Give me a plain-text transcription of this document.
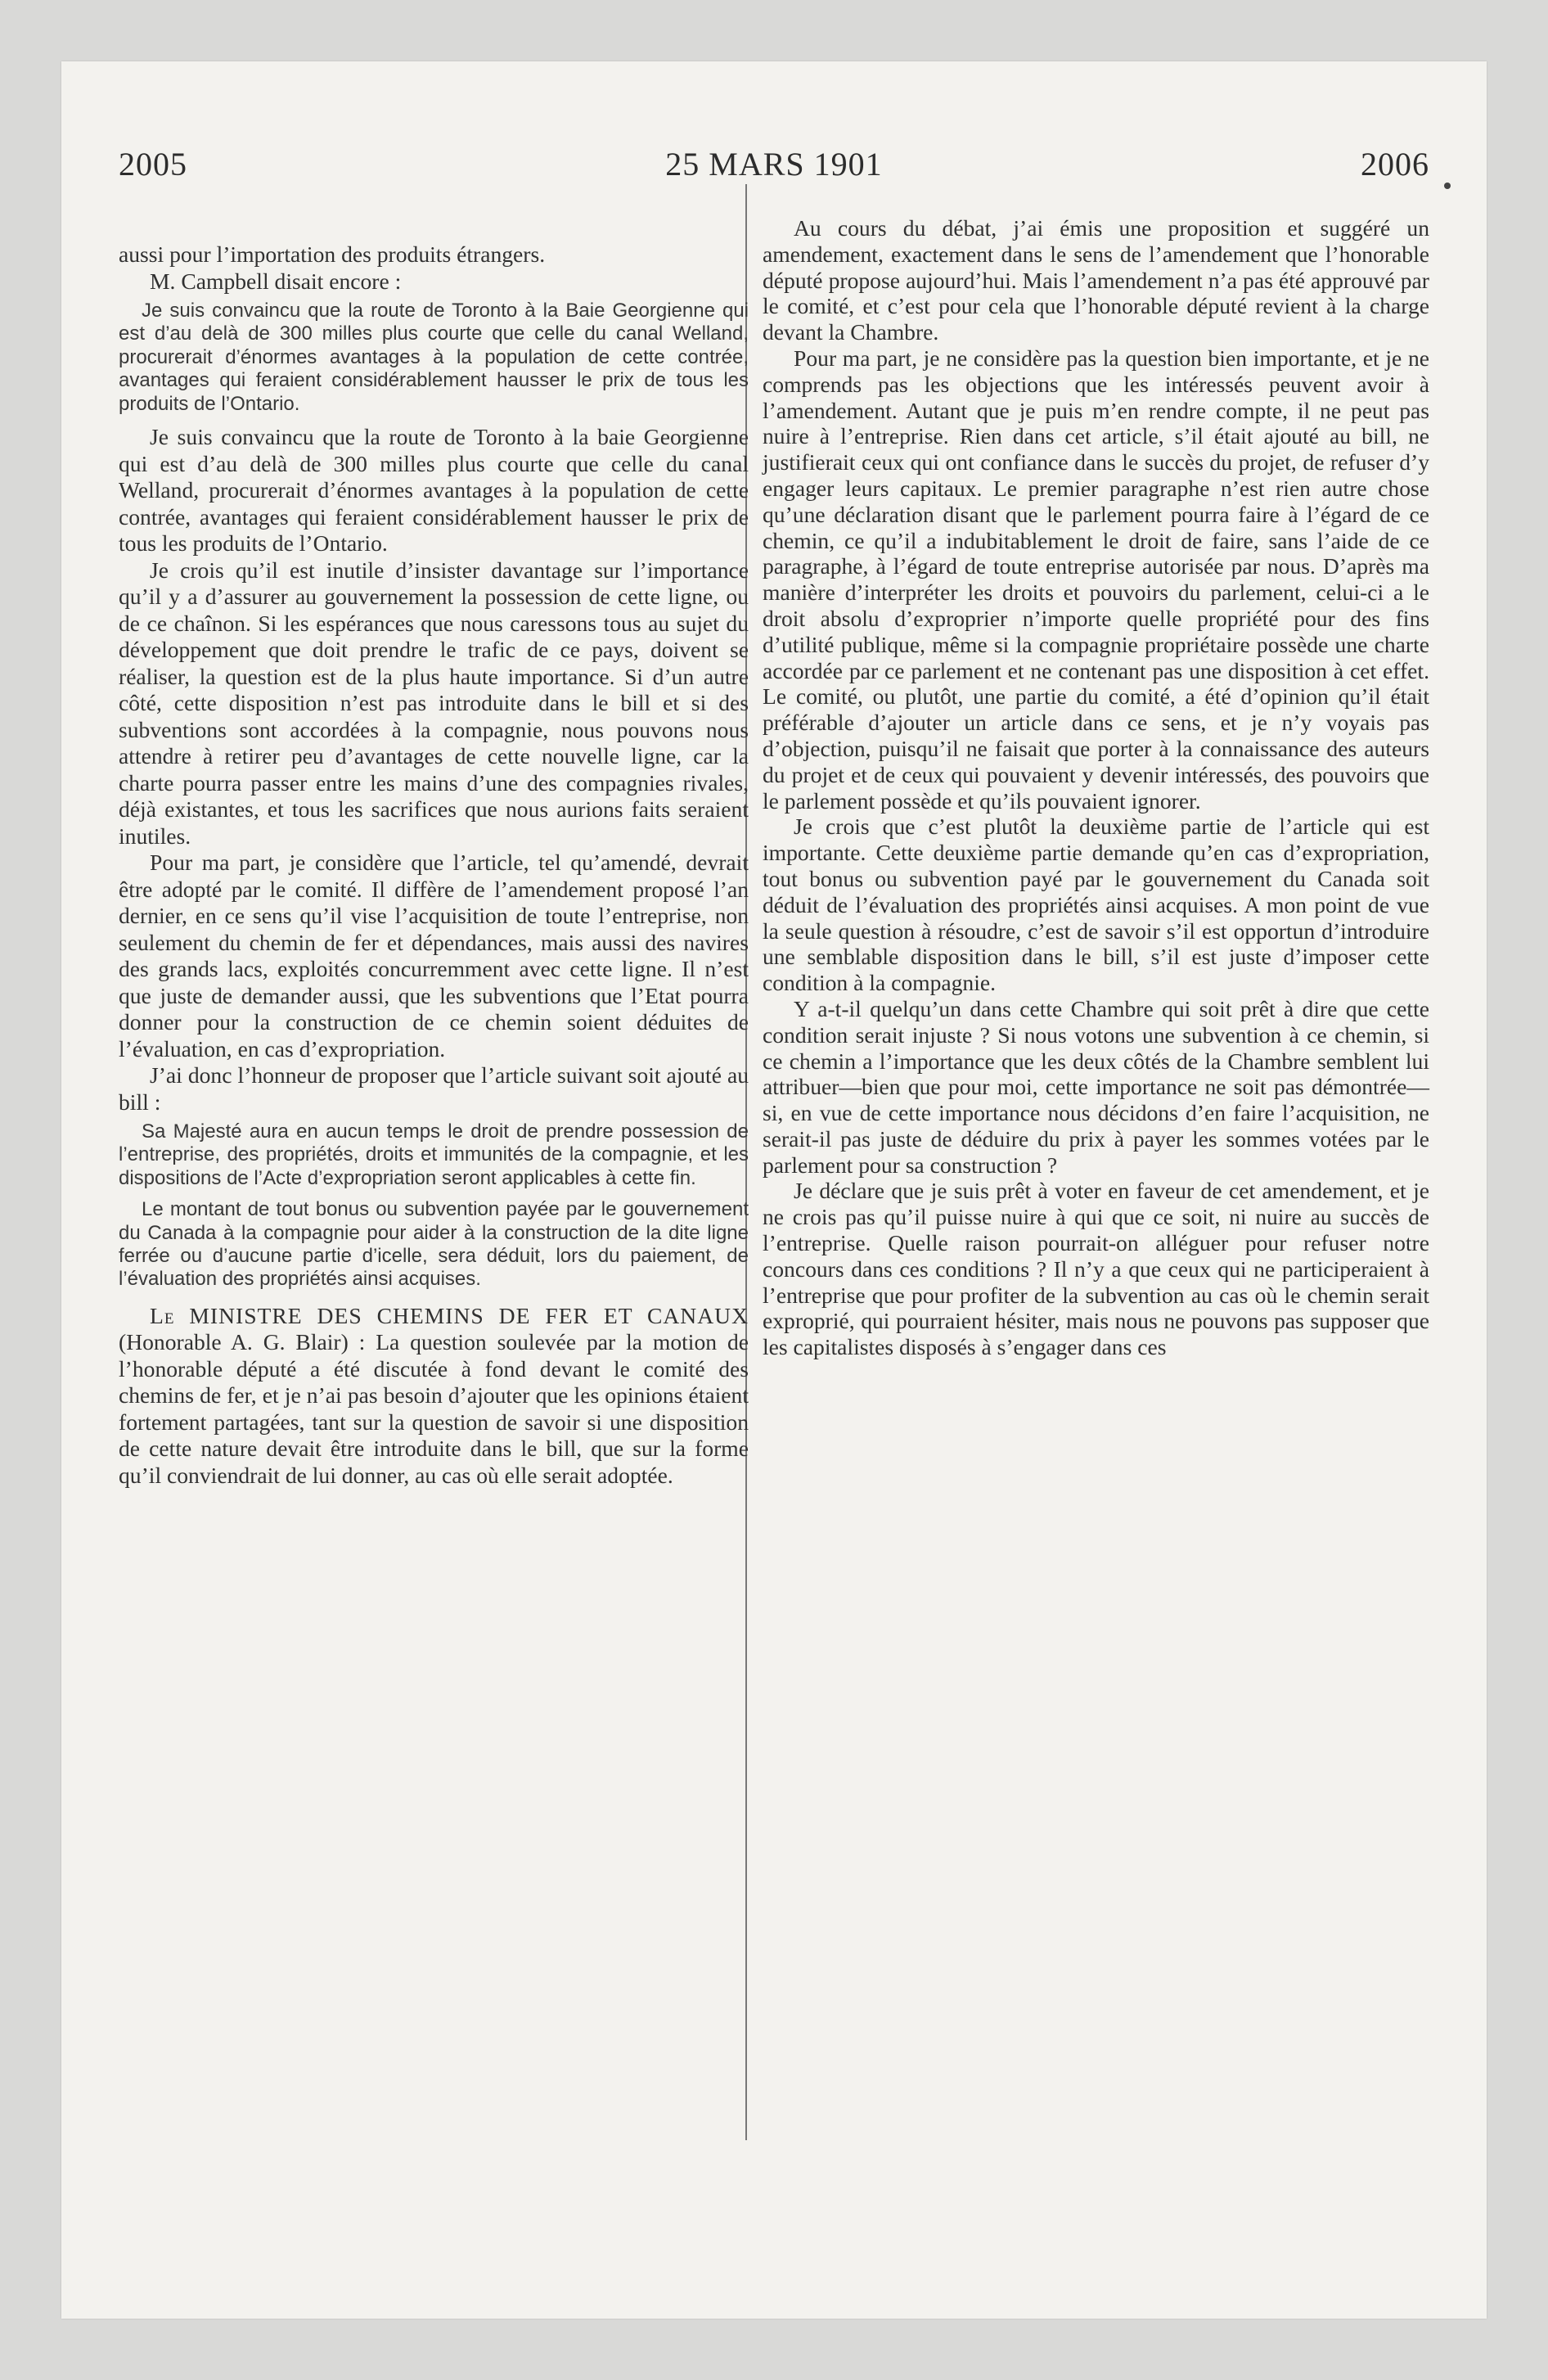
2005	25 MARS 1901	2006

aussi pour l’importation des produits étrangers.

M. Campbell disait encore :

Je suis convaincu que la route de Toronto à la Baie Georgienne qui est d’au delà de 300 milles plus courte que celle du canal Welland, procurerait d’énormes avantages à la population de cette contrée, avantages qui feraient considérablement hausser le prix de tous les produits de l’Ontario.

Je suis convaincu que la route de Toronto à la baie Georgienne qui est d’au delà de 300 milles plus courte que celle du canal Welland, procurerait d’énormes avantages à la population de cette contrée, avantages qui feraient considérablement hausser le prix de tous les produits de l’Ontario.

Je crois qu’il est inutile d’insister davantage sur l’importance qu’il y a d’assurer au gouvernement la possession de cette ligne, ou de ce chaînon. Si les espérances que nous caressons tous au sujet du développement que doit prendre le trafic de ce pays, doivent se réaliser, la question est de la plus haute importance. Si d’un autre côté, cette disposition n’est pas introduite dans le bill et si des subventions sont accordées à la compagnie, nous pouvons nous attendre à retirer peu d’avantages de cette nouvelle ligne, car la charte pourra passer entre les mains d’une des compagnies rivales, déjà existantes, et tous les sacrifices que nous aurions faits seraient inutiles.

Pour ma part, je considère que l’article, tel qu’amendé, devrait être adopté par le comité. Il diffère de l’amendement proposé l’an dernier, en ce sens qu’il vise l’acquisition de toute l’entreprise, non seulement du chemin de fer et dépendances, mais aussi des navires des grands lacs, exploités concurremment avec cette ligne. Il n’est que juste de demander aussi, que les subventions que l’Etat pourra donner pour la construction de ce chemin soient déduites de l’évaluation, en cas d’expropriation.

J’ai donc l’honneur de proposer que l’article suivant soit ajouté au bill :

Sa Majesté aura en aucun temps le droit de prendre possession de l’entreprise, des propriétés, droits et immunités de la compagnie, et les dispositions de l’Acte d’expropriation seront applicables à cette fin.

Le montant de tout bonus ou subvention payée par le gouvernement du Canada à la compagnie pour aider à la construction de la dite ligne ferrée ou d’aucune partie d’icelle, sera déduit, lors du paiement, de l’évaluation des propriétés ainsi acquises.

Le MINISTRE DES CHEMINS DE FER ET CANAUX (Honorable A. G. Blair) : La question soulevée par la motion de l’honorable député a été discutée à fond devant le comité des chemins de fer, et je n’ai pas besoin d’ajouter que les opinions étaient fortement partagées, tant sur la question de savoir si une disposition de cette nature devait être introduite dans le bill, que sur la forme qu’il conviendrait de lui donner, au cas où elle serait adoptée.

Au cours du débat, j’ai émis une proposition et suggéré un amendement, exactement dans le sens de l’amendement que l’honorable député propose aujourd’hui. Mais l’amendement n’a pas été approuvé par le comité, et c’est pour cela que l’honorable député revient à la charge devant la Chambre.

Pour ma part, je ne considère pas la question bien importante, et je ne comprends pas les objections que les intéressés peuvent avoir à l’amendement. Autant que je puis m’en rendre compte, il ne peut pas nuire à l’entreprise. Rien dans cet article, s’il était ajouté au bill, ne justifierait ceux qui ont confiance dans le succès du projet, de refuser d’y engager leurs capitaux. Le premier paragraphe n’est rien autre chose qu’une déclaration disant que le parlement pourra faire à l’égard de ce chemin, ce qu’il a indubitablement le droit de faire, sans l’aide de ce paragraphe, à l’égard de toute entreprise autorisée par nous. D’après ma manière d’interpréter les droits et pouvoirs du parlement, celui-ci a le droit absolu d’exproprier n’importe quelle propriété pour des fins d’utilité publique, même si la compagnie propriétaire possède une charte accordée par ce parlement et ne contenant pas une disposition à cet effet. Le comité, ou plutôt, une partie du comité, a été d’opinion qu’il était préférable d’ajouter un article dans ce sens, et je n’y voyais pas d’objection, puisqu’il ne faisait que porter à la connaissance des auteurs du projet et de ceux qui pouvaient y devenir intéressés, des pouvoirs que le parlement possède et qu’ils pouvaient ignorer.

Je crois que c’est plutôt la deuxième partie de l’article qui est importante. Cette deuxième partie demande qu’en cas d’expropriation, tout bonus ou subvention payé par le gouvernement du Canada soit déduit de l’évaluation des propriétés ainsi acquises. A mon point de vue la seule question à résoudre, c’est de savoir s’il est opportun d’introduire une semblable disposition dans le bill, s’il est juste d’imposer cette condition à la compagnie.

Y a-t-il quelqu’un dans cette Chambre qui soit prêt à dire que cette condition serait injuste ? Si nous votons une subvention à ce chemin, si ce chemin a l’importance que les deux côtés de la Chambre semblent lui attribuer—bien que pour moi, cette importance ne soit pas démontrée—si, en vue de cette importance nous décidons d’en faire l’acquisition, ne serait-il pas juste de déduire du prix à payer les sommes votées par le parlement pour sa construction ?

Je déclare que je suis prêt à voter en faveur de cet amendement, et je ne crois pas qu’il puisse nuire à qui que ce soit, ni nuire au succès de l’entreprise. Quelle raison pourrait-on alléguer pour refuser notre concours dans ces conditions ? Il n’y a que ceux qui ne participeraient à l’entreprise que pour profiter de la subvention au cas où le chemin serait exproprié, qui pourraient hésiter, mais nous ne pouvons pas supposer que les capitalistes disposés à s’engager dans ces
